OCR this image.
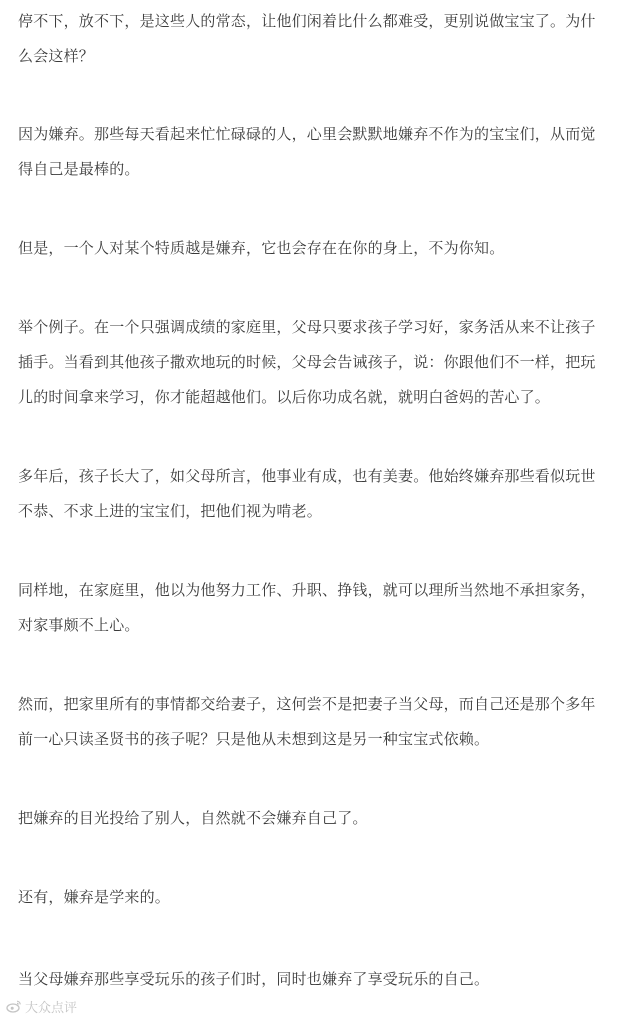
停不下，放不下，是这些人的常态，让他们闲着比什么都难受，更别说做宝宝了。为什
么会这样？
因为嫌弃。那些每天看起来忙忙碌碌的人，心里会默默地嫌弃不作为的宝宝们，从而觉
得自己是最棒的。
但是，一个人对某个特质越是嫌弃，它也会存在在你的身上，不为你知。
举个例子。在一个只强调成绩的家庭里，父母只要求孩子学习好，家务活从来不让孩子
插手。当看到其他孩子撒欢地玩的时候，父母会告诫孩子，说：你跟他们不一样，把玩
儿的时间拿来学习，你才能超越他们。以后你功成名就，就明白爸妈的苦心了。
多年后，孩子长大了，如父母所言，他事业有成，也有美妻。他始终嫌弃那些看似玩世
不恭、不求上进的宝宝们，把他们视为啃老。
同样地，在家庭里，他以为他努力工作、升职、挣钱，就可以理所当然地不承担家务，
对家事颇不上心。
然而，把家里所有的事情都交给妻子，这何尝不是把妻子当父母，而自己还是那个多年
前一心只读圣贤书的孩子呢？只是他从未想到这是另一种宝宝式依赖。
把嫌弃的目光投给了别人，自然就不会嫌弃自己了。
还有，嫌弃是学来的。
当父母嫌弃那些享受玩乐的孩子们时，同时也嫌弃了享受玩乐的自己。
大众点评
